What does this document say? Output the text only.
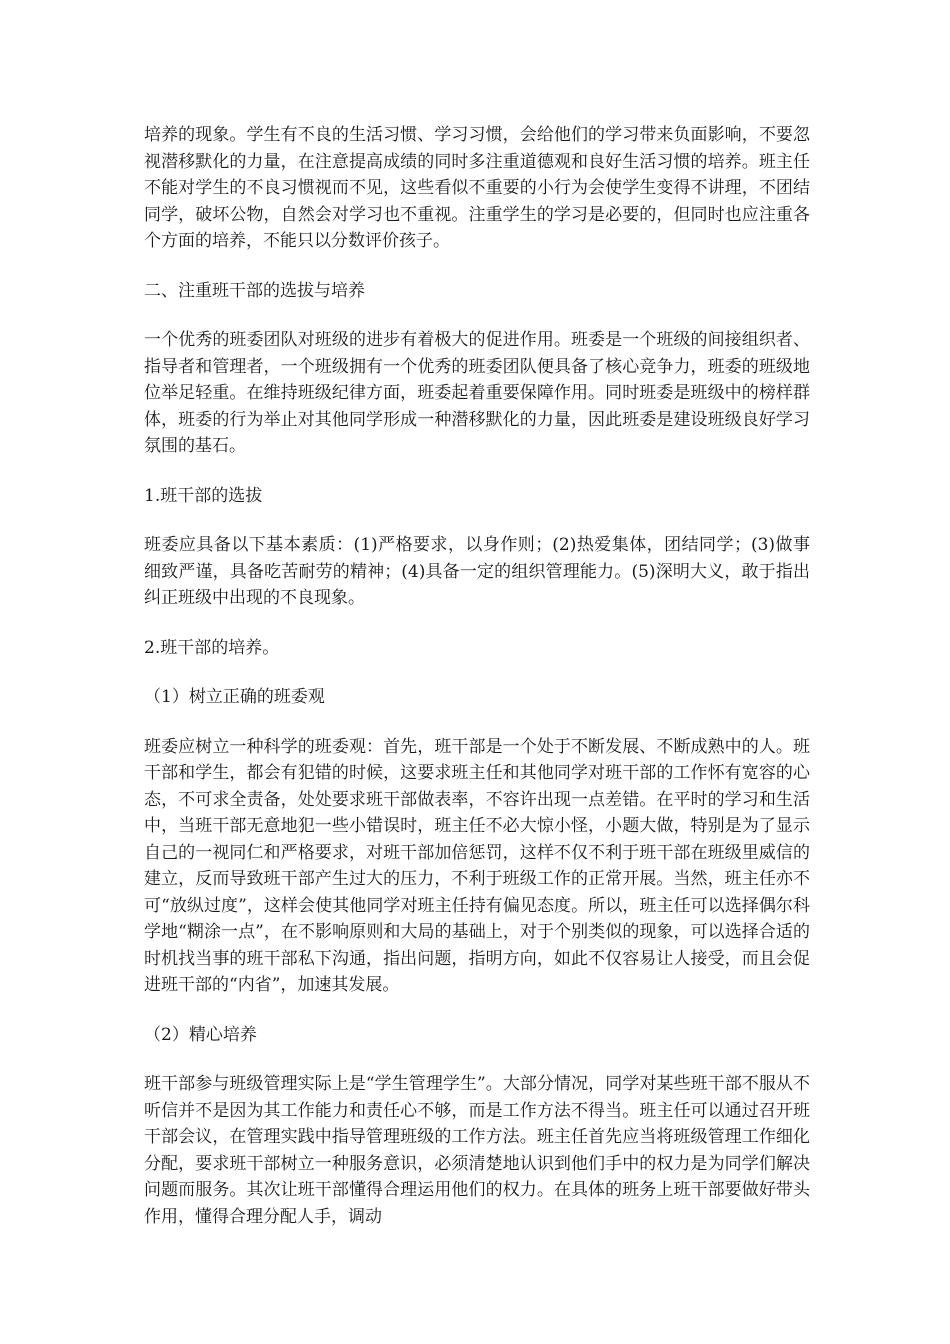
培养的现象。学生有不良的生活习惯、学习习惯，会给他们的学习带来负面影响，不要忽视潜移默化的力量，在注意提高成绩的同时多注重道德观和良好生活习惯的培养。班主任不能对学生的不良习惯视而不见，这些看似不重要的小行为会使学生变得不讲理，不团结同学，破坏公物，自然会对学习也不重视。注重学生的学习是必要的，但同时也应注重各个方面的培养，不能只以分数评价孩子。

二、注重班干部的选拔与培养

一个优秀的班委团队对班级的进步有着极大的促进作用。班委是一个班级的间接组织者、指导者和管理者，一个班级拥有一个优秀的班委团队便具备了核心竞争力，班委的班级地位举足轻重。在维持班级纪律方面，班委起着重要保障作用。同时班委是班级中的榜样群体，班委的行为举止对其他同学形成一种潜移默化的力量，因此班委是建设班级良好学习氛围的基石。

1.班干部的选拔

班委应具备以下基本素质：(1)严格要求，以身作则；(2)热爱集体，团结同学；(3)做事细致严谨，具备吃苦耐劳的精神；(4)具备一定的组织管理能力。(5)深明大义，敢于指出纠正班级中出现的不良现象。

2.班干部的培养。

（1）树立正确的班委观

班委应树立一种科学的班委观：首先，班干部是一个处于不断发展、不断成熟中的人。班干部和学生，都会有犯错的时候，这要求班主任和其他同学对班干部的工作怀有宽容的心态，不可求全责备，处处要求班干部做表率，不容许出现一点差错。在平时的学习和生活中，当班干部无意地犯一些小错误时，班主任不必大惊小怪，小题大做，特别是为了显示自己的一视同仁和严格要求，对班干部加倍惩罚，这样不仅不利于班干部在班级里威信的建立，反而导致班干部产生过大的压力，不利于班级工作的正常开展。当然，班主任亦不可“放纵过度”，这样会使其他同学对班主任持有偏见态度。所以，班主任可以选择偶尔科学地“糊涂一点”，在不影响原则和大局的基础上，对于个别类似的现象，可以选择合适的时机找当事的班干部私下沟通，指出问题，指明方向，如此不仅容易让人接受，而且会促进班干部的“内省”，加速其发展。

（2）精心培养

班干部参与班级管理实际上是“学生管理学生”。大部分情况，同学对某些班干部不服从不听信并不是因为其工作能力和责任心不够，而是工作方法不得当。班主任可以通过召开班干部会议，在管理实践中指导管理班级的工作方法。班主任首先应当将班级管理工作细化分配，要求班干部树立一种服务意识，必须清楚地认识到他们手中的权力是为同学们解决问题而服务。其次让班干部懂得合理运用他们的权力。在具体的班务上班干部要做好带头作用，懂得合理分配人手，调动
